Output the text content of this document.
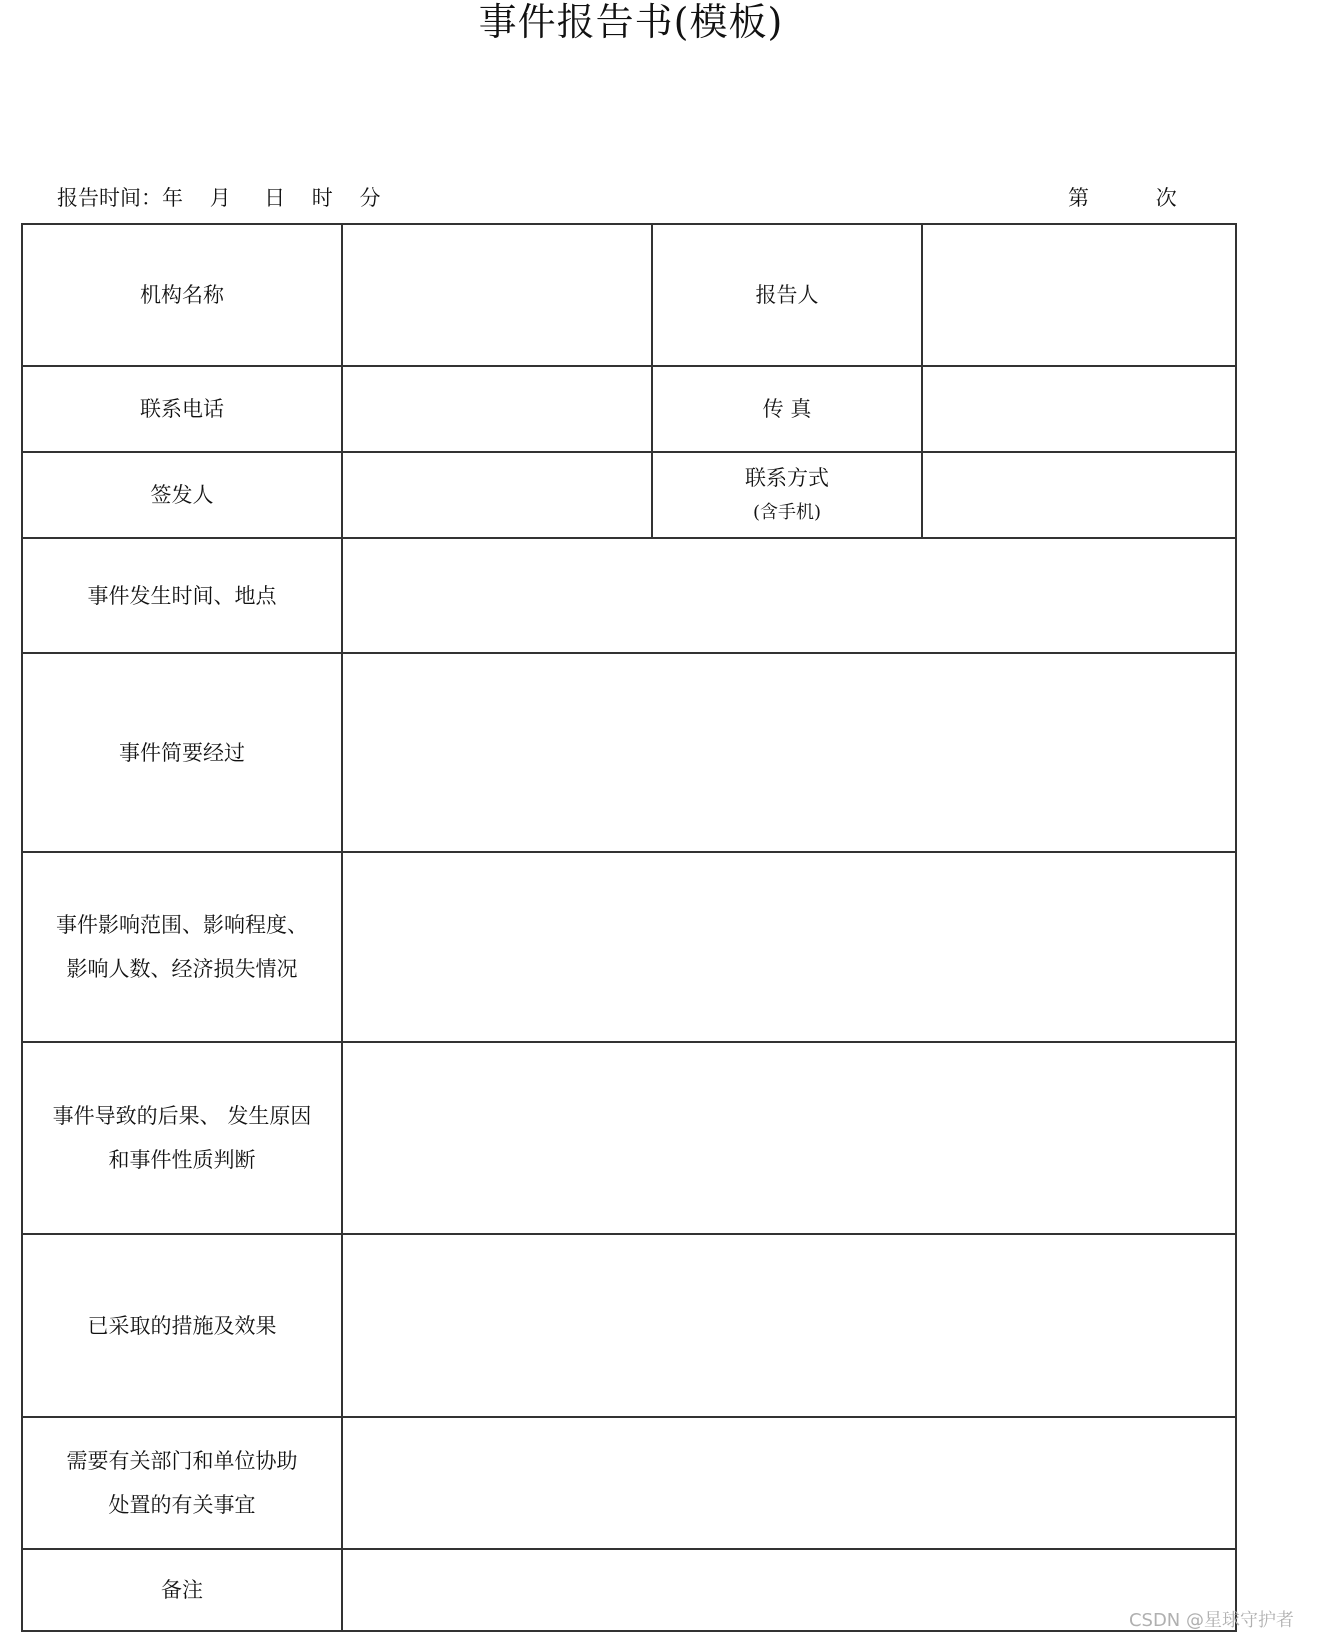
事件报告书(模板)
报告时间：年    月     日    时    分	第          次
机构名称		报告人	
联系电话		传 真	
签发人		联系方式
(含手机)	

事件发生时间、地点			
事件简要经过			

事件影响范围、影响程度、
影响人数、经济损失情况			

事件导致的后果、 发生原因
和事件性质判断			

已采取的措施及效果			

需要有关部门和单位协助
处置的有关事宜			

备注			
CSDN @星球守护者
